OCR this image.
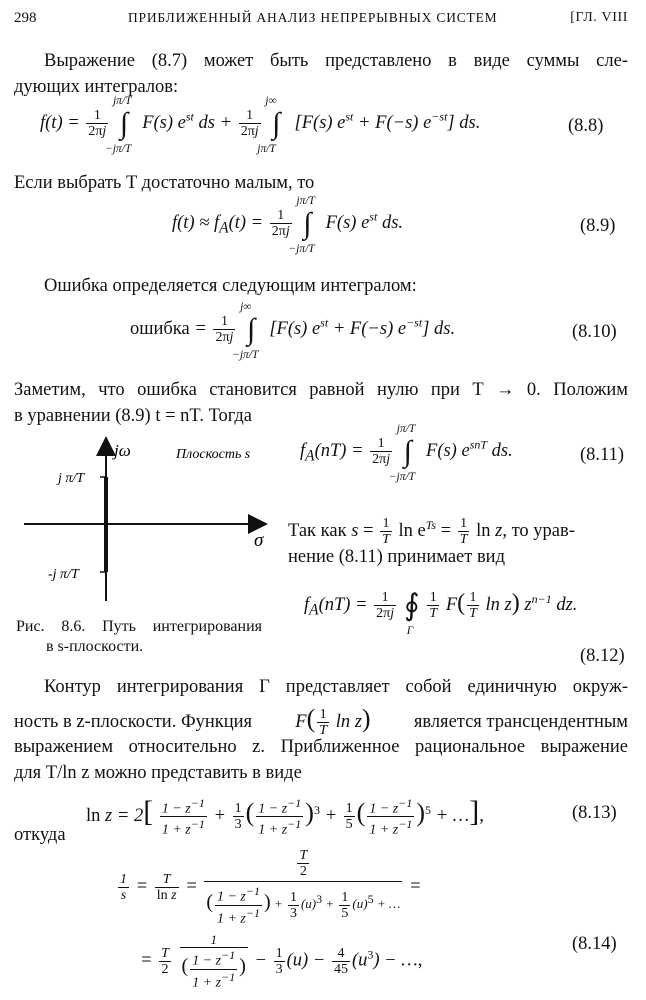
298	ПРИБЛИЖЕННЫЙ АНАЛИЗ НЕПРЕРЫВНЫХ СИСТЕМ	[ГЛ. VIII
Выражение (8.7) может быть представлено в виде суммы сле-
дующих интегралов:
$f(t) = \frac{1}{2\pi j}$ ∫
jπ/T
−jπ/T
F(s) $e^{st}$ ds + $\frac{1}{2\pi j}$ ∫
j∞
jπ/T
[F(s) $e^{st} + F(-s)$ $e^{-st}$] ds.	(8.8)
Если выбрать T достаточно малым, то
$f(t) \approx f_A(t) = \frac{1}{2\pi j}$ ∫
jπ/T
−jπ/T
F(s) $e^{st}$ ds.	(8.9)
Ошибка определяется следующим интегралом:
ошибка = $\frac{1}{2\pi j}$ ∫
j∞
−jπ/T
[F(s) $e^{st} + F(-s)$ $e^{-st}$] ds.	(8.10)
Заметим, что ошибка становится равной нулю при T → 0. Положим
в уравнении (8.9) t = nT. Тогда
jω
σ
Плоскость s
j π/T
-j π/T
Рис. 8.6. Путь интегрирования
в s-плоскости.
$f_A(nT) = \frac{1}{2\pi j}$ ∫
jπ/T
−jπ/T
F(s) $e^{snT}$ ds.	(8.11)
Так как $s = \frac{1}{T}$ $\ln e^{Ts} = \frac{1}{T}$ ln z, то урав-
нение (8.11) принимает вид
$f_A(nT) = \frac{1}{2\pi j}$ ∮
Г

$\frac{1}{T} F( \frac{1}{T}$ ln z) $z^{n-1}$ dz.
(8.12)
Контур интегрирования Г представляет собой единичную окруж-
ность в z-плоскости. Функция $F( \frac{1}{T}$ ln z) является трансцендентным
выражением относительно z. Приближенное рациональное выражение
для T/ln z можно представить в виде
$\ln z = 2[ \frac{1 - z^{-1}}{1 + z^{-1}} + \frac{1}{3}$ ( $\frac{1 - z^{-1}}{1 + z^{-1}} )^3 + \frac{1}{5}$ ( $\frac{1 - z^{-1}}{1 + z^{-1}} )^5$ + …],	(8.13)
откуда
$\frac{1}{s} = \frac{T}{\text{ln z}} = \frac{\frac{T}{2}}{( \frac{1 - z^{-1}}{1 + z^{-1}} ) + \frac{1}{3} (u)^3 + \frac{1}{5} (u)^5 + \dots}$ =
= $\frac{T}{2}$
$\frac{1}{( \frac{1 - z^{-1}}{1 + z^{-1}} )} - \frac{1}{3} (u) - \frac{4}{45} (u^3)$ − …,
(8.14)
